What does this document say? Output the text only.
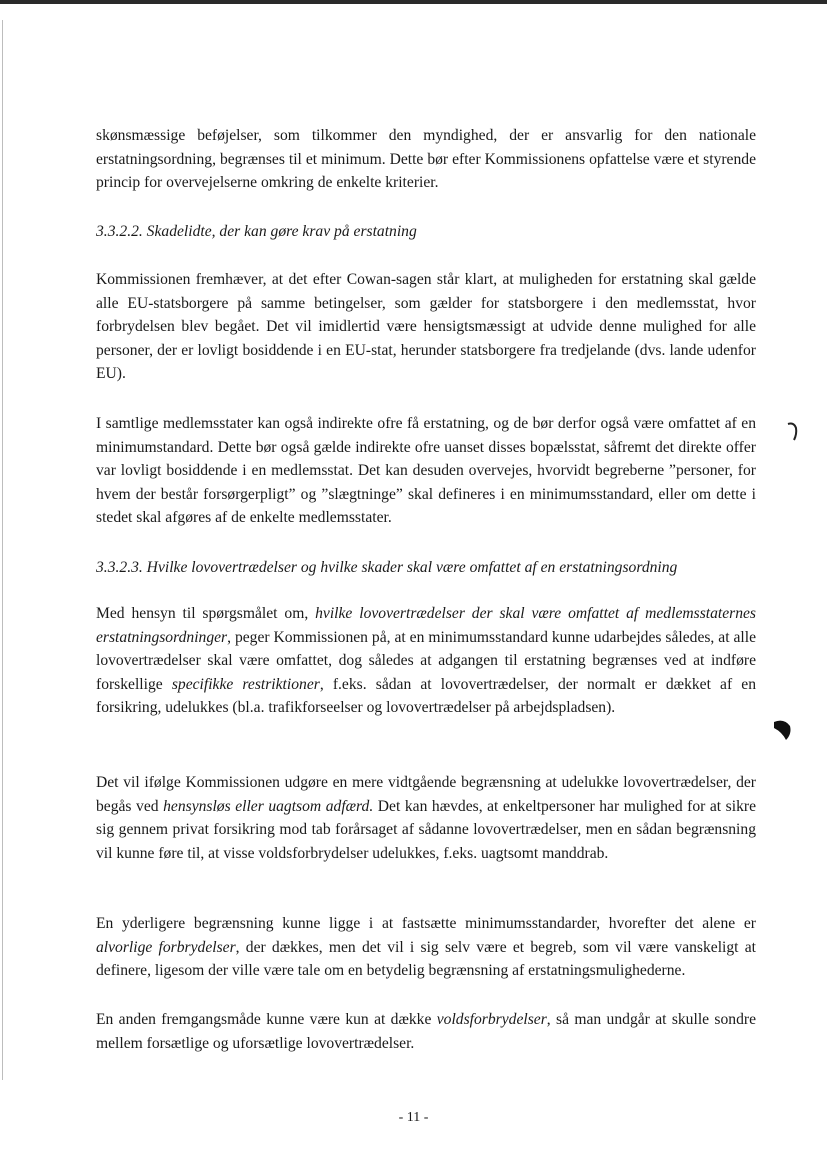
skønsmæssige beføjelser, som tilkommer den myndighed, der er ansvarlig for den nationale erstatningsordning, begrænses til et minimum. Dette bør efter Kommissionens opfattelse være et styrende princip for overvejelserne omkring de enkelte kriterier.

3.3.2.2. Skadelidte, der kan gøre krav på erstatning

Kommissionen fremhæver, at det efter Cowan-sagen står klart, at muligheden for erstatning skal gælde alle EU-statsborgere på samme betingelser, som gælder for statsborgere i den medlemsstat, hvor forbrydelsen blev begået. Det vil imidlertid være hensigtsmæssigt at udvide denne mulighed for alle personer, der er lovligt bosiddende i en EU-stat, herunder statsborgere fra tredjelande (dvs. lande udenfor EU).

I samtlige medlemsstater kan også indirekte ofre få erstatning, og de bør derfor også være omfattet af en minimumstandard. Dette bør også gælde indirekte ofre uanset disses bopælsstat, såfremt det direkte offer var lovligt bosiddende i en medlemsstat. Det kan desuden overvejes, hvorvidt begreberne ”personer, for hvem der består forsørgerpligt” og ”slægtninge” skal defineres i en minimumsstandard, eller om dette i stedet skal afgøres af de enkelte medlemsstater.

3.3.2.3. Hvilke lovovertrædelser og hvilke skader skal være omfattet af en erstatningsordning

Med hensyn til spørgsmålet om, hvilke lovovertrædelser der skal være omfattet af medlemsstaternes erstatningsordninger, peger Kommissionen på, at en minimumsstandard kunne udarbejdes således, at alle lovovertrædelser skal være omfattet, dog således at adgangen til erstatning begrænses ved at indføre forskellige specifikke restriktioner, f.eks. sådan at lovovertrædelser, der normalt er dækket af en forsikring, udelukkes (bl.a. trafikforseelser og lovovertrædelser på arbejdspladsen).

Det vil ifølge Kommissionen udgøre en mere vidtgående begrænsning at udelukke lovovertrædelser, der begås ved hensynsløs eller uagtsom adfærd. Det kan hævdes, at enkeltpersoner har mulighed for at sikre sig gennem privat forsikring mod tab forårsaget af sådanne lovovertrædelser, men en sådan begrænsning vil kunne føre til, at visse voldsforbrydelser udelukkes, f.eks. uagtsomt manddrab.

En yderligere begrænsning kunne ligge i at fastsætte minimumsstandarder, hvorefter det alene er alvorlige forbrydelser, der dækkes, men det vil i sig selv være et begreb, som vil være vanskeligt at definere, ligesom der ville være tale om en betydelig begrænsning af erstatningsmulighederne.

En anden fremgangsmåde kunne være kun at dække voldsforbrydelser, så man undgår at skulle sondre mellem forsætlige og uforsætlige lovovertrædelser.

- 11 -
